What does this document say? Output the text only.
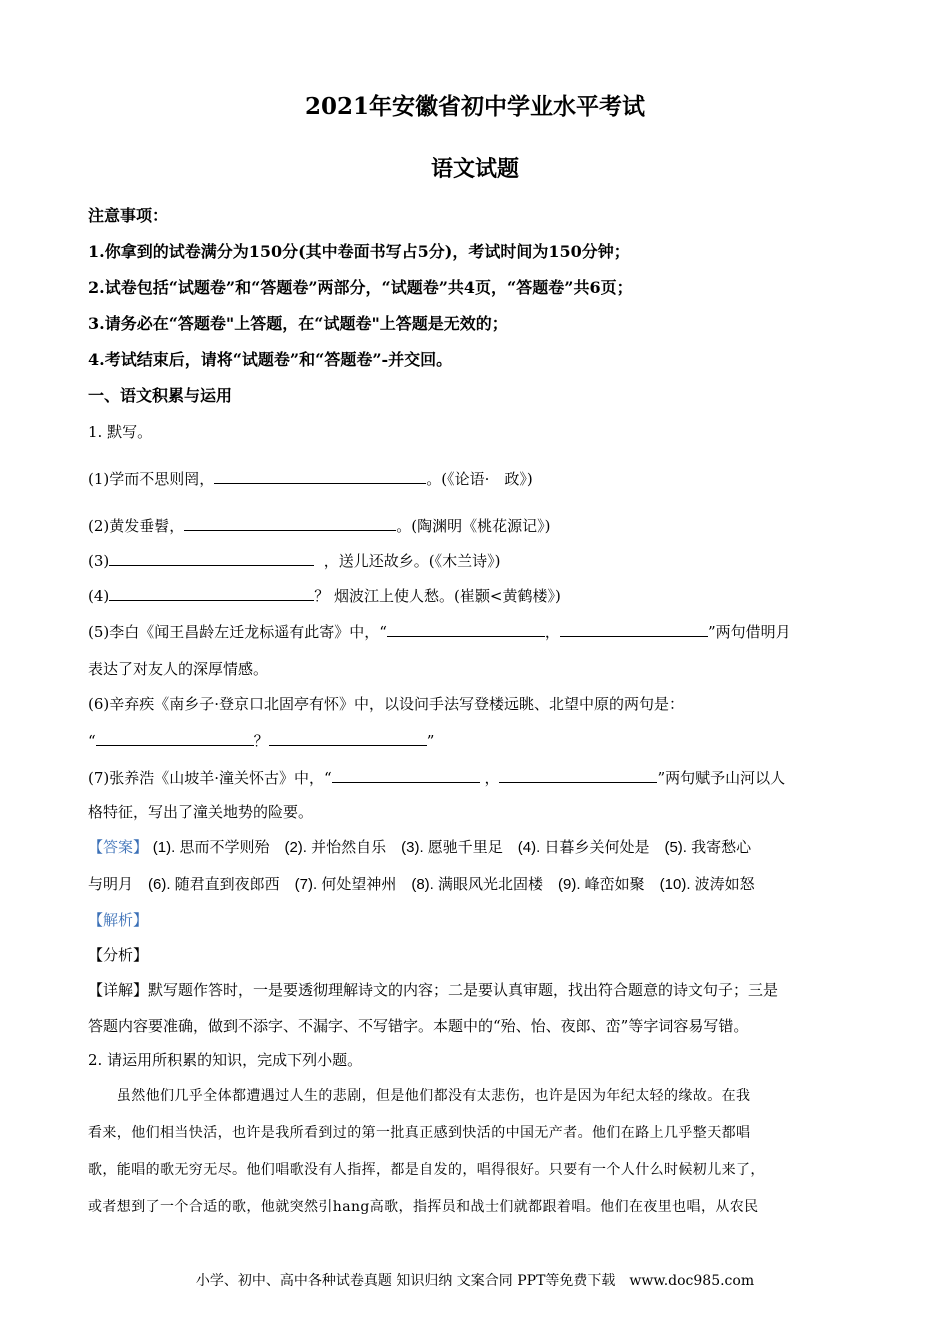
2021年安徽省初中学业水平考试
语文试题
注意事项：
1.你拿到的试卷满分为150分(其中卷面书写占5分)，考试时间为150分钟；
2.试卷包括“试题卷”和“答题卷”两部分，“试题卷”共4页，“答题卷”共6页；
3.请务必在“答题卷"上答题，在“试题卷"上答题是无效的；
4.考试结束后，请将“试题卷”和“答题卷”-并交回。
一、语文积累与运用
1. 默写。
(1)学而不思则罔，	。(《论语·　政》)
(2)黄发垂髫，	。(陶渊明《桃花源记》)
(3)	，送儿还故乡。(《木兰诗》)
(4)	？ 烟波江上使人愁。(崔颢<黄鹤楼》)
(5)李白《闻王昌龄左迁龙标遥有此寄》中，“	，	”两句借明月
表达了对友人的深厚情感。
(6)辛弃疾《南乡子·登京口北固亭有怀》中，以设问手法写登楼远眺、北望中原的两句是：
“	？	”
(7)张养浩《山坡羊·潼关怀古》中，“	，	”两句赋予山河以人
格特征，写出了潼关地势的险要。
【答案】 (1). 思而不学则殆　(2). 并怡然自乐　(3). 愿驰千里足　(4). 日暮乡关何处是　(5). 我寄愁心
与明月　(6). 随君直到夜郎西　(7). 何处望神州　(8). 满眼风光北固楼　(9). 峰峦如聚　(10). 波涛如怒
【解析】
【分析】
【详解】默写题作答时，一是要透彻理解诗文的内容；二是要认真审题，找出符合题意的诗文句子；三是
答题内容要准确，做到不添字、不漏字、不写错字。本题中的“殆、怡、夜郎、峦”等字词容易写错。
2. 请运用所积累的知识，完成下列小题。
　　虽然他们几乎全体都遭遇过人生的悲剧，但是他们都没有太悲伤，也许是因为年纪太轻的缘故。在我
看来，他们相当快活，也许是我所看到过的第一批真正感到快活的中国无产者。他们在路上几乎整天都唱
歌，能唱的歌无穷无尽。他们唱歌没有人指挥，都是自发的，唱得很好。只要有一个人什么时候籾儿来了，
或者想到了一个合适的歌，他就突然引hang高歌，指挥员和战士们就都跟着唱。他们在夜里也唱，从农民
小学、初中、高中各种试卷真题 知识归纳 文案合同 PPT等免费下载　www.doc985.com
